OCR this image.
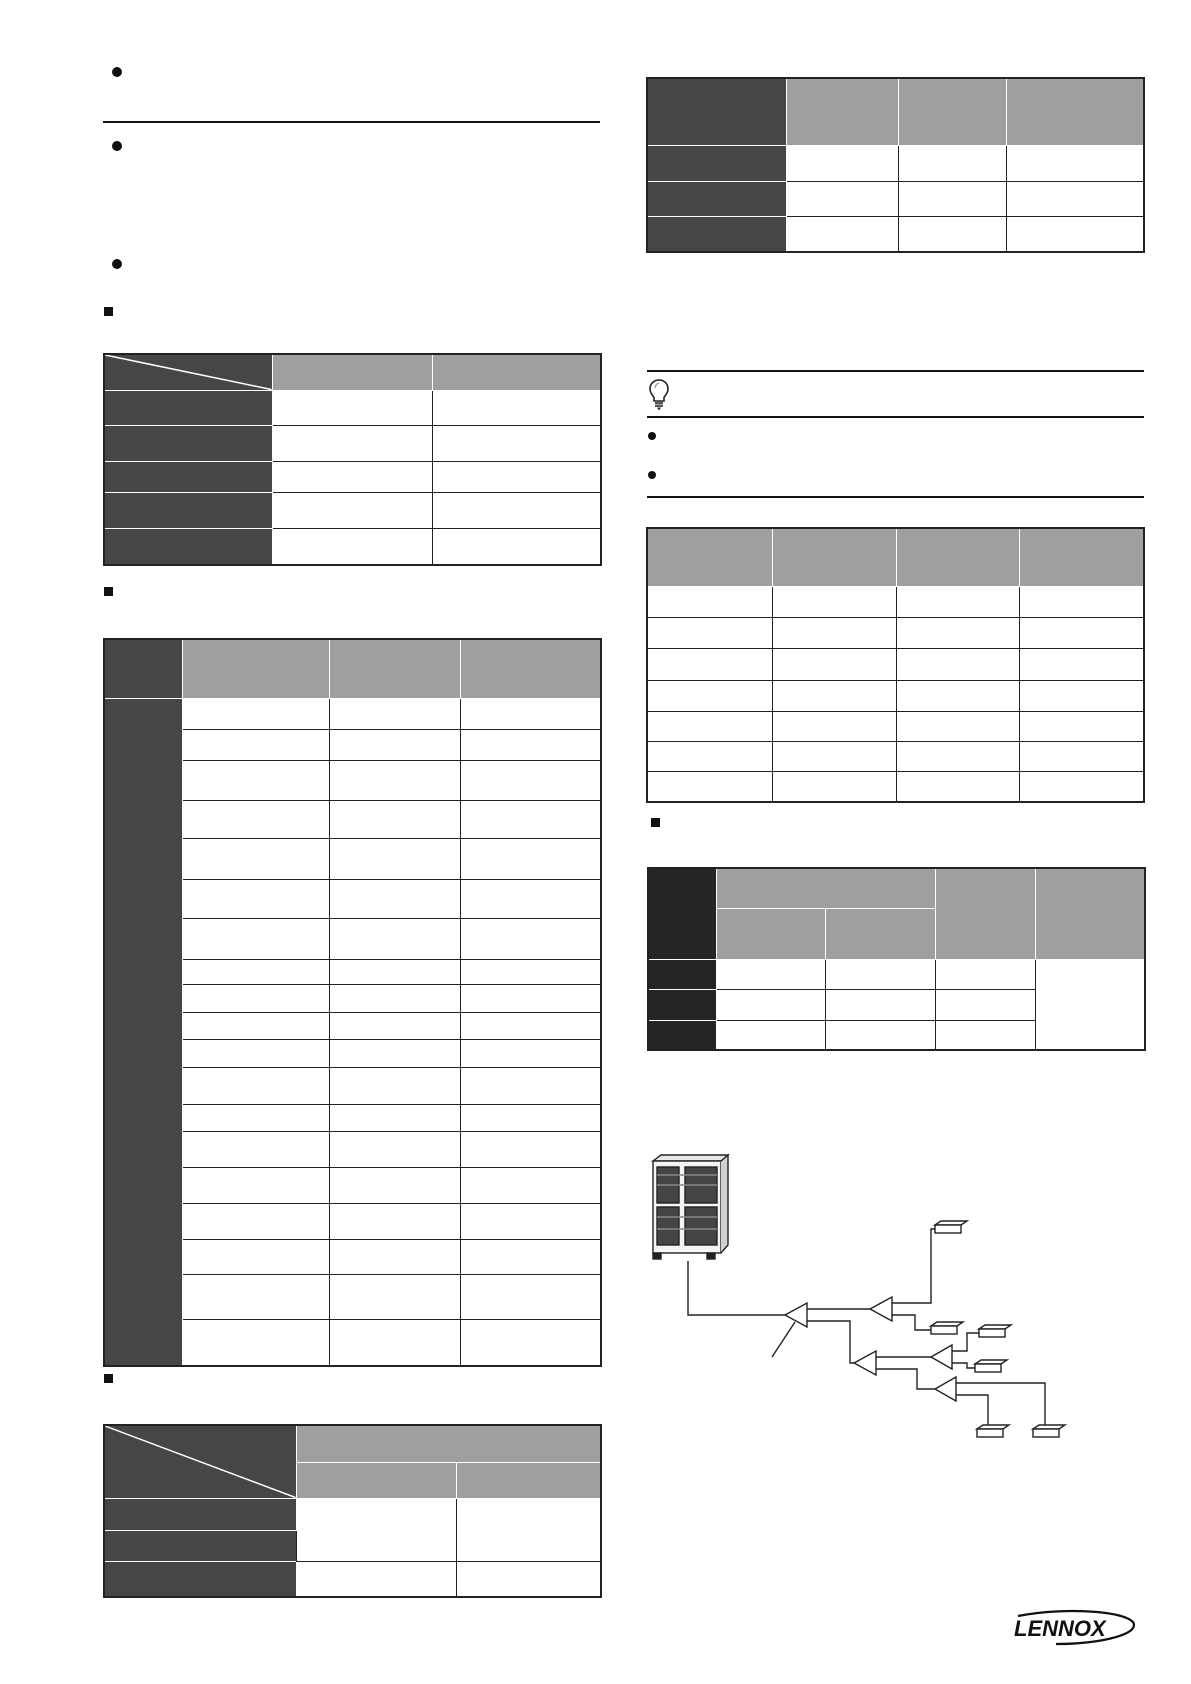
LENNOX
